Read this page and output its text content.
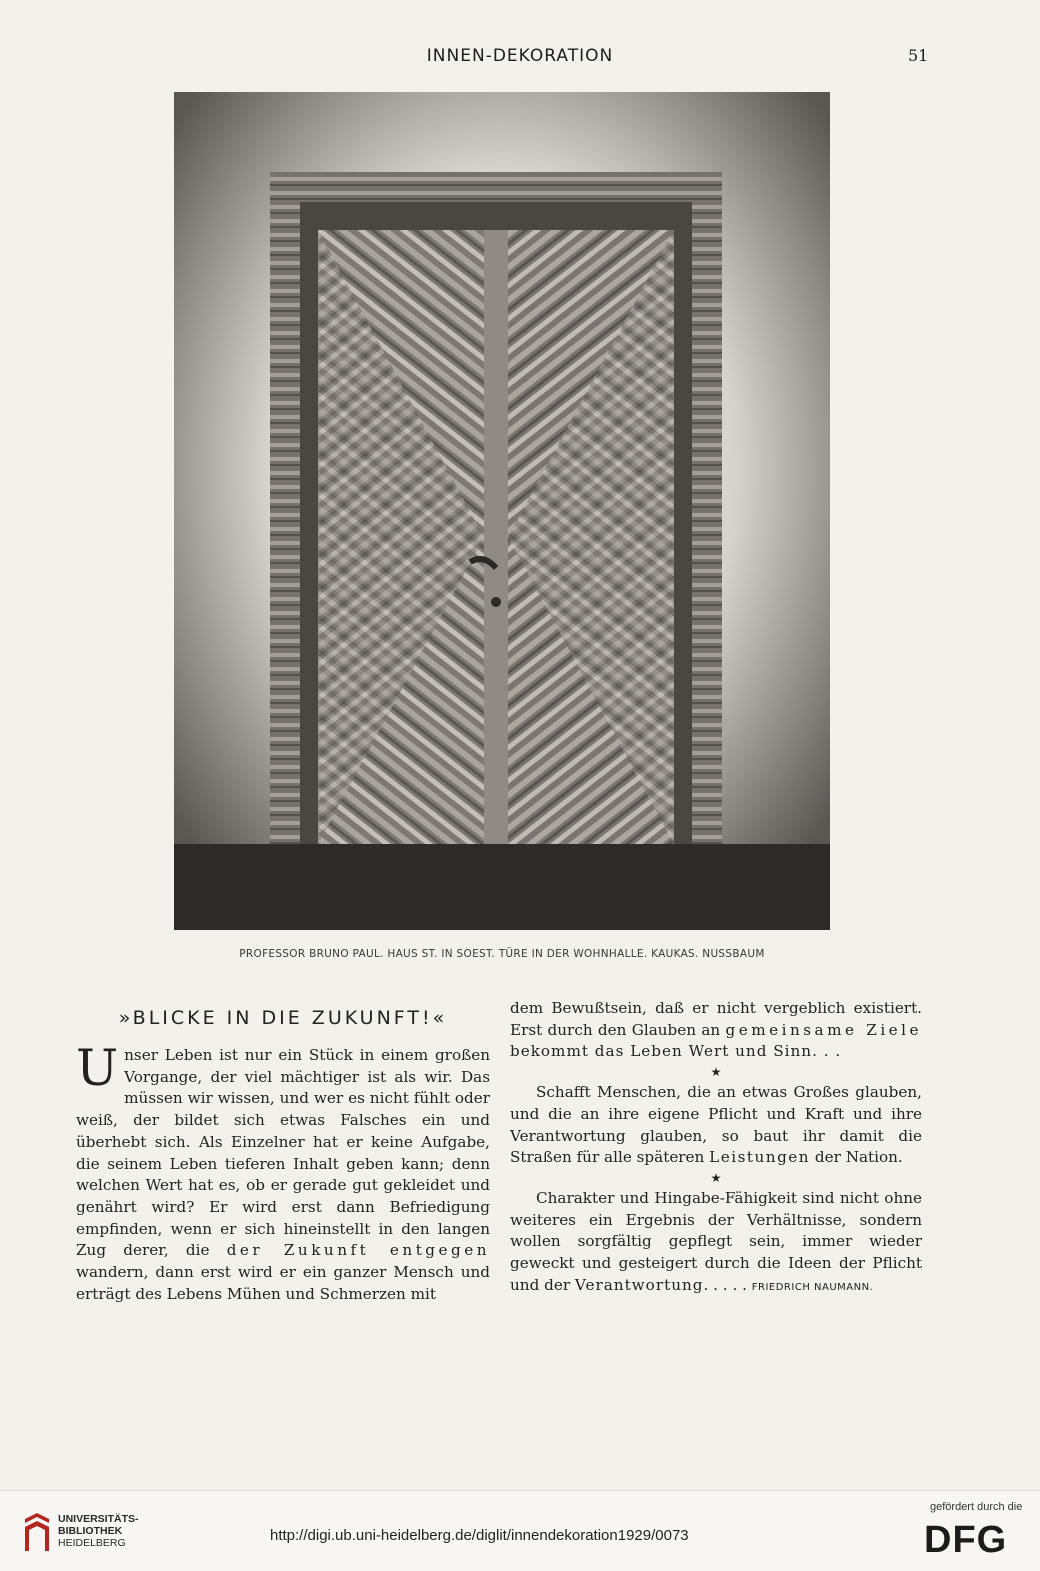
INNEN-DEKORATION	51
PROFESSOR BRUNO PAUL. HAUS ST. IN SOEST. TÜRE IN DER WOHNHALLE. KAUKAS. NUSSBAUM
»BLICKE IN DIE ZUKUNFT!«

Unser Leben ist nur ein Stück in einem großen Vorgange, der viel mächtiger ist als wir. Das müssen wir wissen, und wer es nicht fühlt oder weiß, der bildet sich etwas Falsches ein und überhebt sich. Als Einzelner hat er keine Aufgabe, die seinem Leben tieferen Inhalt geben kann; denn welchen Wert hat es, ob er gerade gut gekleidet und genährt wird? Er wird erst dann Befriedigung empfinden, wenn er sich hineinstellt in den langen Zug derer, die der Zukunft entgegen wandern, dann erst wird er ein ganzer Mensch und erträgt des Lebens Mühen und Schmerzen mit

dem Bewußtsein, daß er nicht vergeblich existiert. Erst durch den Glauben an gemeinsame Ziele bekommt das Leben Wert und Sinn. . .

★

Schafft Menschen, die an etwas Großes glauben, und die an ihre eigene Pflicht und Kraft und ihre Verantwortung glauben, so baut ihr damit die Straßen für alle späteren Leistungen der Nation.

★

Charakter und Hingabe-Fähigkeit sind nicht ohne weiteres ein Ergebnis der Verhältnisse, sondern wollen sorgfältig gepflegt sein, immer wieder geweckt und gesteigert durch die Ideen der Pflicht und der Verantwortung. . . . . FRIEDRICH NAUMANN.

UNIVERSITÄTS-
BIBLIOTHEK
HEIDELBERG	http://digi.ub.uni-heidelberg.de/diglit/innendekoration1929/0073
gefördert durch die
DFG
